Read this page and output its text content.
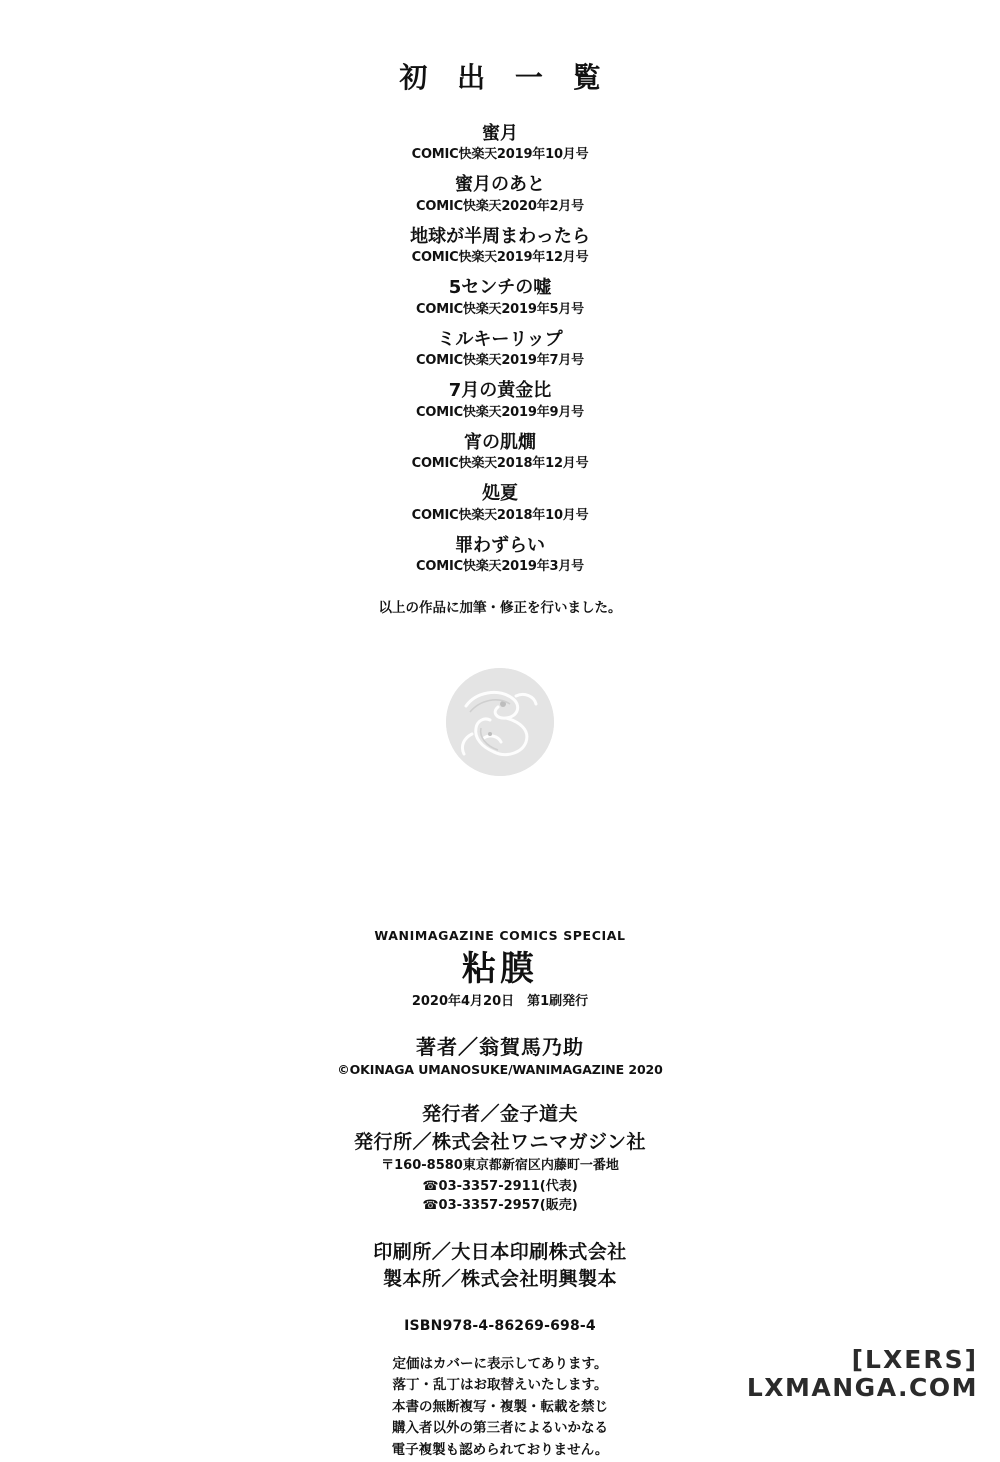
初 出 一 覧
蜜月
COMIC快楽天2019年10月号
蜜月のあと
COMIC快楽天2020年2月号
地球が半周まわったら
COMIC快楽天2019年12月号
5センチの嘘
COMIC快楽天2019年5月号
ミルキーリップ
COMIC快楽天2019年7月号
7月の黄金比
COMIC快楽天2019年9月号
宵の肌燗
COMIC快楽天2018年12月号
処夏
COMIC快楽天2018年10月号
罪わずらい
COMIC快楽天2019年3月号
以上の作品に加筆・修正を行いました。
WANIMAGAZINE COMICS SPECIAL
粘膜
2020年4月20日　第1刷発行
著者／翁賀馬乃助
©OKINAGA UMANOSUKE/WANIMAGAZINE 2020
発行者／金子道夫
発行所／株式会社ワニマガジン社
〒160-8580東京都新宿区内藤町一番地
☎03-3357-2911(代表)
☎03-3357-2957(販売)
印刷所／大日本印刷株式会社
製本所／株式会社明興製本
ISBN978-4-86269-698-4
定価はカバーに表示してあります。
落丁・乱丁はお取替えいたします。
本書の無断複写・複製・転載を禁じ
購入者以外の第三者によるいかなる
電子複製も認められておりません。
[LXERS]
LXMANGA.COM
